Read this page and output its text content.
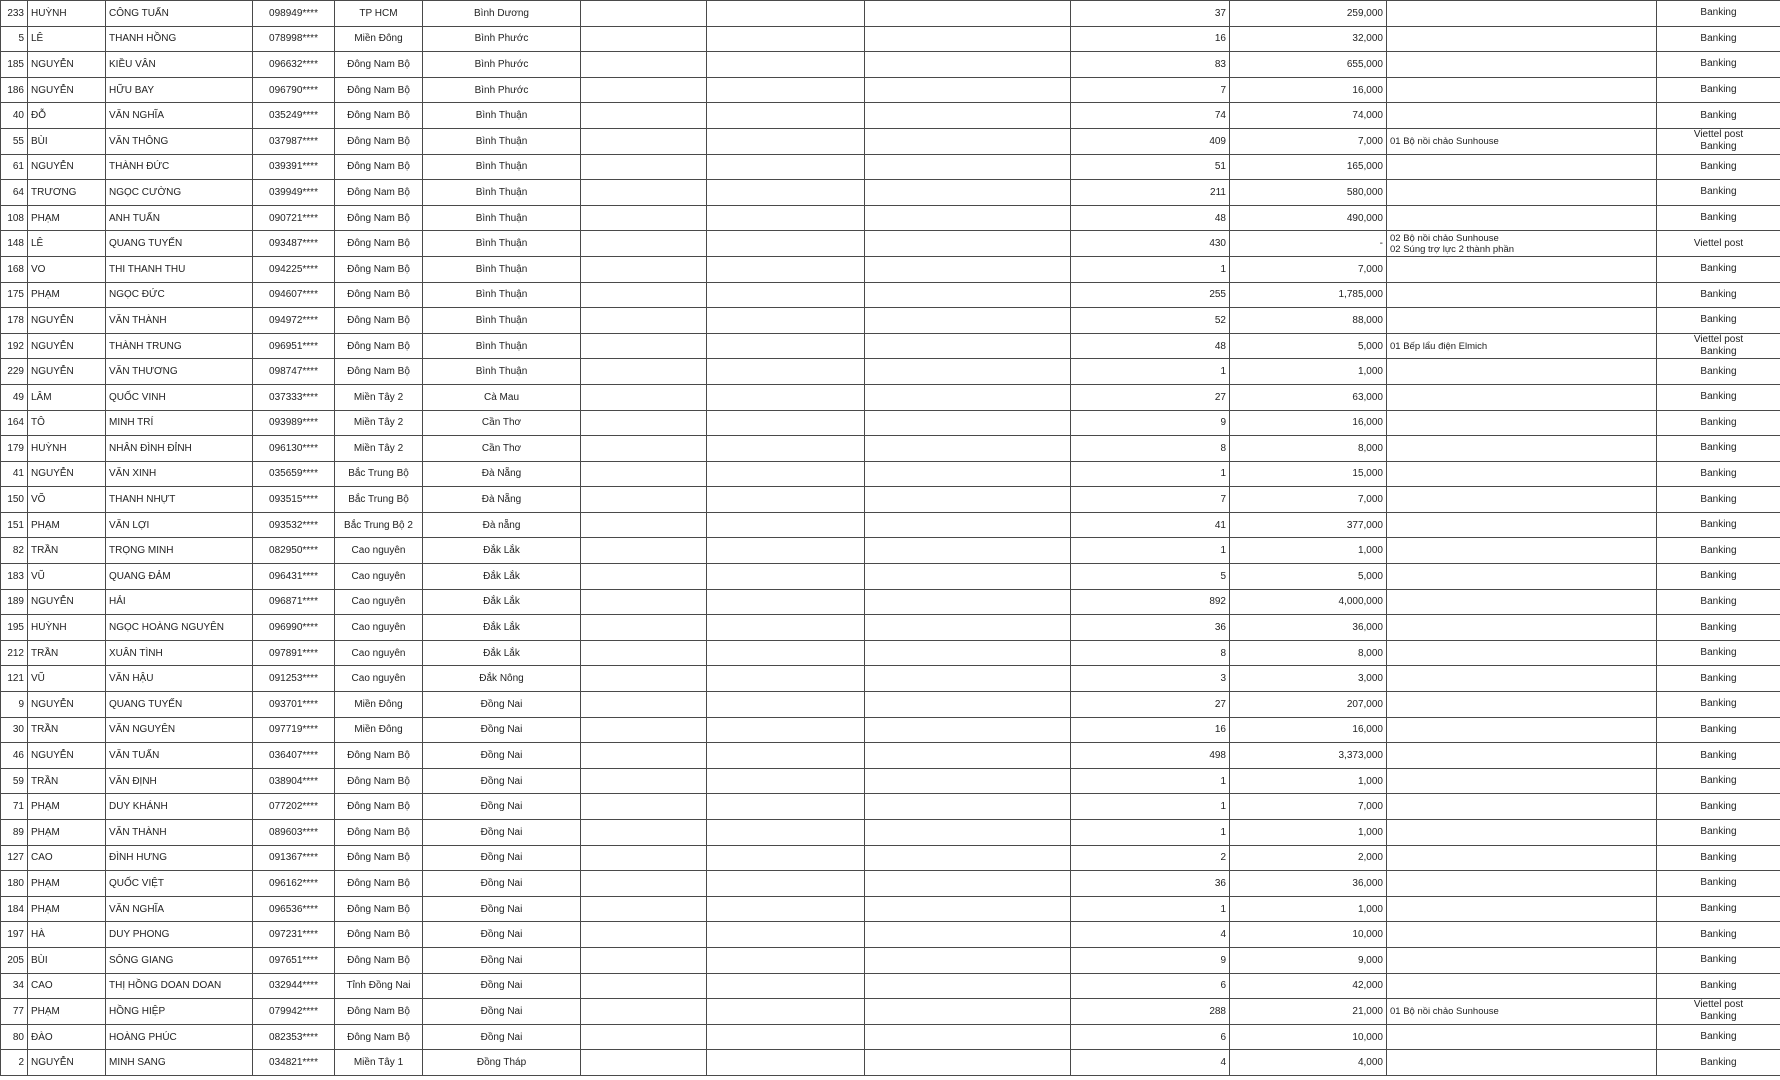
233	HUỲNH	CÔNG TUẤN	098949****	TP HCM	Bình Dương				37	259,000		Banking

5	LÊ	THANH HỒNG	078998****	Miền Đông	Bình Phước				16	32,000		Banking

185	NGUYỄN	KIỀU VÂN	096632****	Đông Nam Bộ	Bình Phước				83	655,000		Banking

186	NGUYỄN	HỮU BAY	096790****	Đông Nam Bộ	Bình Phước				7	16,000		Banking

40	ĐỖ	VĂN NGHĨA	035249****	Đông Nam Bộ	Bình Thuận				74	74,000		Banking

55	BÙI	VĂN THÔNG	037987****	Đông Nam Bộ	Bình Thuận				409	7,000	01 Bộ nồi chảo Sunhouse	Viettel post
Banking

61	NGUYỄN	THÀNH ĐỨC	039391****	Đông Nam Bộ	Bình Thuận				51	165,000		Banking

64	TRƯƠNG	NGỌC CƯỜNG	039949****	Đông Nam Bộ	Bình Thuận				211	580,000		Banking

108	PHẠM	ANH TUẤN	090721****	Đông Nam Bộ	Bình Thuận				48	490,000		Banking

148	LÊ	QUANG TUYẾN	093487****	Đông Nam Bộ	Bình Thuận				430	-	02 Bộ nồi chảo Sunhouse
02 Súng trợ lực 2 thành phần	Viettel post

168	VO	THI THANH THU	094225****	Đông Nam Bộ	Bình Thuận				1	7,000		Banking

175	PHẠM	NGỌC ĐỨC	094607****	Đông Nam Bộ	Bình Thuận				255	1,785,000		Banking

178	NGUYỄN	VĂN THÀNH	094972****	Đông Nam Bộ	Bình Thuận				52	88,000		Banking

192	NGUYỄN	THÀNH TRUNG	096951****	Đông Nam Bộ	Bình Thuận				48	5,000	01 Bếp lẩu điện Elmich	Viettel post
Banking

229	NGUYỄN	VĂN THƯƠNG	098747****	Đông Nam Bộ	Bình Thuận				1	1,000		Banking

49	LÂM	QUỐC VINH	037333****	Miền Tây 2	Cà Mau				27	63,000		Banking

164	TÔ	MINH TRÍ	093989****	Miền Tây 2	Cần Thơ				9	16,000		Banking

179	HUỲNH	NHÂN ĐÌNH ĐỈNH	096130****	Miền Tây 2	Cần Thơ				8	8,000		Banking

41	NGUYỄN	VĂN XINH	035659****	Bắc Trung Bộ	Đà Nẵng				1	15,000		Banking

150	VÕ	THANH NHỰT	093515****	Bắc Trung Bộ	Đà Nẵng				7	7,000		Banking

151	PHẠM	VĂN LỢI	093532****	Bắc Trung Bộ 2	Đà nẵng				41	377,000		Banking

82	TRẦN	TRỌNG MINH	082950****	Cao nguyên	Đắk Lắk				1	1,000		Banking

183	VŨ	QUANG ĐẢM	096431****	Cao nguyên	Đắk Lắk				5	5,000		Banking

189	NGUYỄN	HẢI	096871****	Cao nguyên	Đắk Lắk				892	4,000,000		Banking

195	HUỲNH	NGỌC HOÀNG NGUYÊN	096990****	Cao nguyên	Đắk Lắk				36	36,000		Banking

212	TRẦN	XUÂN TÌNH	097891****	Cao nguyên	Đắk Lắk				8	8,000		Banking

121	VŨ	VĂN HẬU	091253****	Cao nguyên	Đắk Nông				3	3,000		Banking

9	NGUYỄN	QUANG TUYẾN	093701****	Miền Đông	Đồng Nai				27	207,000		Banking

30	TRẦN	VĂN NGUYÊN	097719****	Miền Đông	Đồng Nai				16	16,000		Banking

46	NGUYỄN	VĂN TUẤN	036407****	Đông Nam Bộ	Đồng Nai				498	3,373,000		Banking

59	TRẦN	VĂN ĐỊNH	038904****	Đông Nam Bộ	Đồng Nai				1	1,000		Banking

71	PHẠM	DUY KHÁNH	077202****	Đông Nam Bộ	Đồng Nai				1	7,000		Banking

89	PHẠM	VĂN THÀNH	089603****	Đông Nam Bộ	Đồng Nai				1	1,000		Banking

127	CAO	ĐÌNH HƯNG	091367****	Đông Nam Bộ	Đồng Nai				2	2,000		Banking

180	PHẠM	QUỐC VIỆT	096162****	Đông Nam Bộ	Đồng Nai				36	36,000		Banking

184	PHẠM	VĂN NGHĨA	096536****	Đông Nam Bộ	Đồng Nai				1	1,000		Banking

197	HÀ	DUY PHONG	097231****	Đông Nam Bộ	Đồng Nai				4	10,000		Banking

205	BÙI	SÔNG GIANG	097651****	Đông Nam Bộ	Đồng Nai				9	9,000		Banking

34	CAO	THỊ HỒNG DOAN DOAN	032944****	Tỉnh Đồng Nai	Đồng Nai				6	42,000		Banking

77	PHẠM	HỒNG HIỆP	079942****	Đông Nam Bộ	Đồng Nai				288	21,000	01 Bộ nồi chảo Sunhouse	Viettel post
Banking

80	ĐÀO	HOÀNG PHÚC	082353****	Đông Nam Bộ	Đồng Nai				6	10,000		Banking

2	NGUYỄN	MINH SANG	034821****	Miền Tây 1	Đồng Tháp				4	4,000		Banking
